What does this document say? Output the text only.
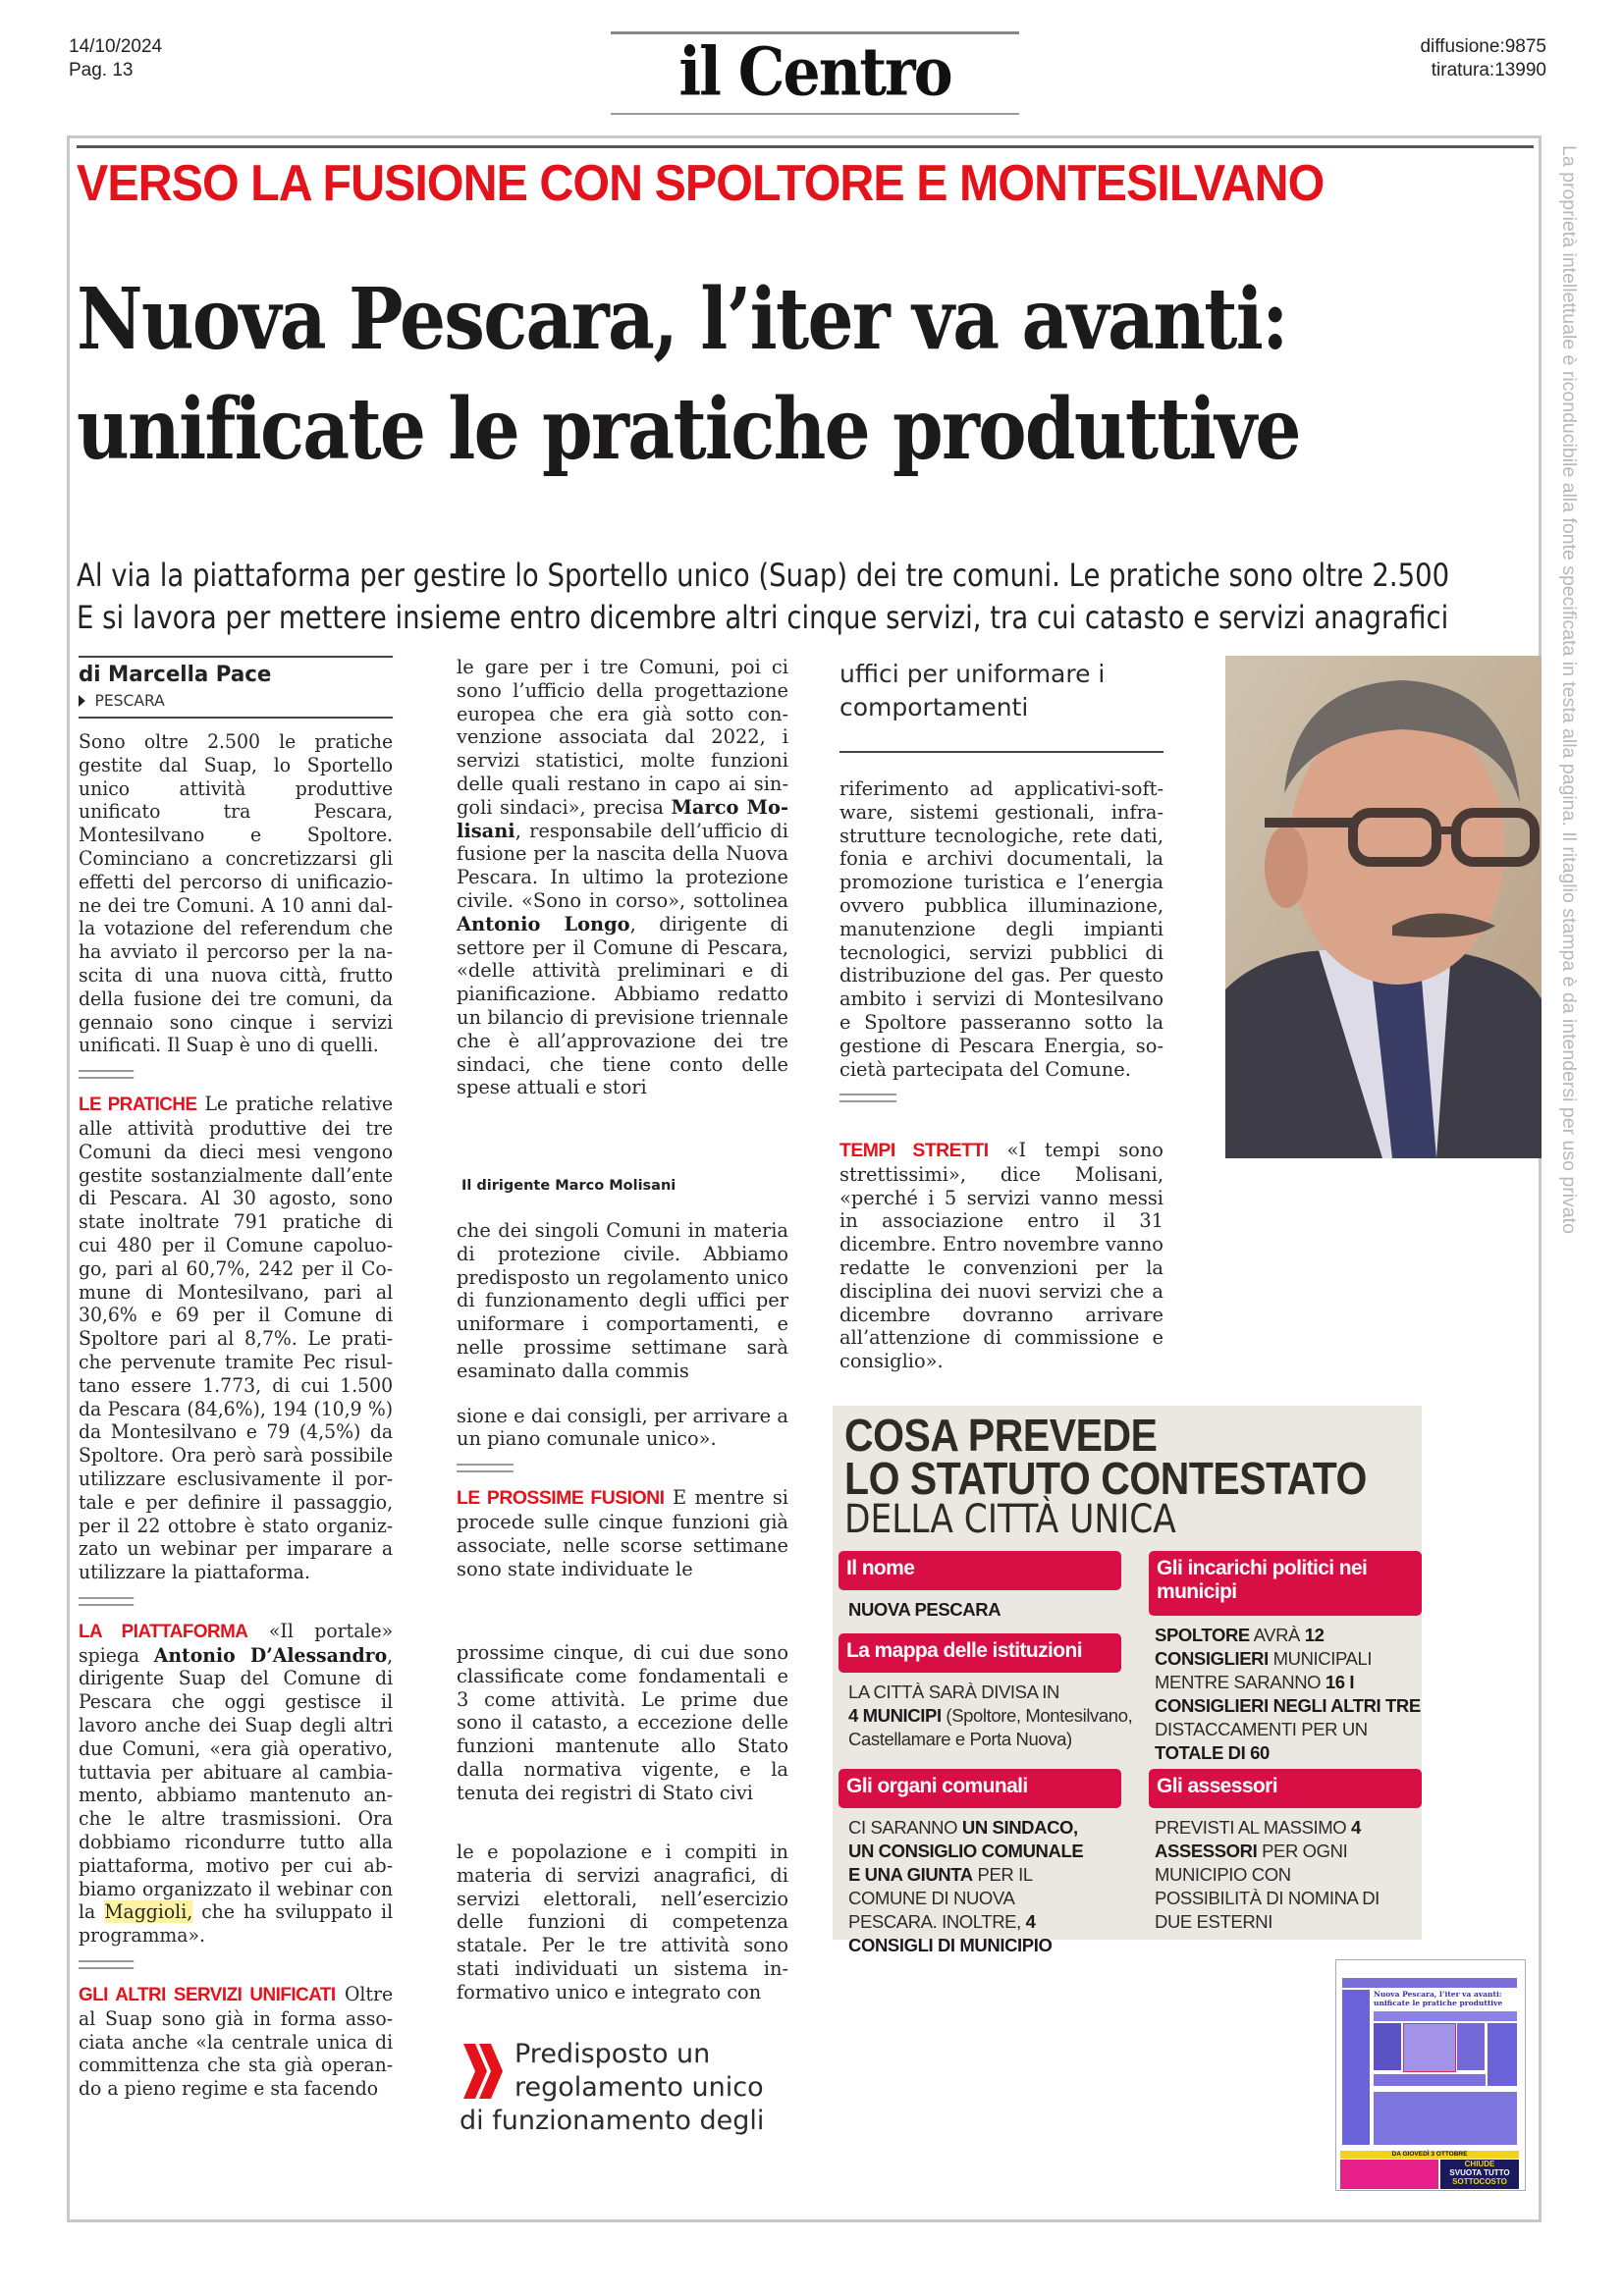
14/10/2024
Pag. 13	il Centro	diffusione:9875
tiratura:13990
La proprietà intellettuale è riconducibile alla fonte specificata in testa alla pagina. Il ritaglio stampa è da intendersi per uso privato
VERSO LA FUSIONE CON SPOLTORE E MONTESILVANO
Nuova Pescara, l’iter va avanti:
unificate le pratiche produttive
Al via la piattaforma per gestire lo Sportello unico (Suap) dei tre comuni. Le pratiche sono oltre 2.500
E si lavora per mettere insieme entro dicembre altri cinque servizi, tra cui catasto e servizi anagrafici
di Marcella Pace
PESCARA

Sono oltre 2.500 le pratiche gestite dal Suap, lo Sportello unico attività produttive unificato tra Pescara, Montesilvano e Spoltore. Cominciano a concretizzarsi gli effetti del percorso di unificazione dei tre Comuni. A 10 anni dalla votazione del referendum che ha avviato il percorso per la nascita di una nuova città, frutto della fusione dei tre comuni, da gennaio sono cinque i servizi unificati. Il Suap è uno di quelli.

LE PRATICHE Le pratiche relative alle attività produttive dei tre Comuni da dieci mesi vengono gestite sostanzialmente dall’ente di Pescara. Al 30 agosto, sono state inoltrate 791 pratiche di cui 480 per il Comune capoluogo, pari al 60,7%, 242 per il Comune di Montesilvano, pari al 30,6% e 69 per il Comune di Spoltore pari al 8,7%. Le pratiche pervenute tramite Pec risultano essere 1.773, di cui 1.500 da Pescara (84,6%), 194 (10,9 %) da Montesilvano e 79 (4,5%) da Spoltore. Ora però sarà possibile utilizzare esclusivamente il portale e per definire il passaggio, per il 22 ottobre è stato organizzato un webinar per imparare a utilizzare la piattaforma.

LA PIATTAFORMA «Il portale» spiega Antonio D’Alessandro, dirigente Suap del Comune di Pescara che oggi gestisce il lavoro anche dei Suap degli altri due Comuni, «era già operativo, tuttavia per abituare al cambiamento, abbiamo mantenuto anche le altre trasmissioni. Ora dobbiamo ricondurre tutto alla piattaforma, motivo per cui abbiamo organizzato il webinar con la Maggioli, che ha sviluppato il programma».

GLI ALTRI SERVIZI UNIFICATI Oltre al Suap sono già in forma associata anche «la centrale unica di committenza che sta già operando a pieno regime e sta facendo

le gare per i tre Comuni, poi ci sono l’ufficio della progettazione europea che era già sotto convenzione associata dal 2022, i servizi statistici, molte funzioni delle quali restano in capo ai singoli sindaci», precisa Marco Molisani, responsabile dell’ufficio di fusione per la nascita della Nuova Pescara. In ultimo la protezione civile. «Sono in corso», sottolinea Antonio Longo, dirigente di settore per il Comune di Pescara, «delle attività preliminari e di pianificazione. Abbiamo redatto un bilancio di previsione triennale che è all’approvazione dei tre sindaci, che tiene conto delle spese attuali e stori

Il dirigente Marco Molisani

che dei singoli Comuni in materia di protezione civile. Abbiamo predisposto un regolamento unico di funzionamento degli uffici per uniformare i comportamenti, e nelle prossime settimane sarà esaminato dalla commis

sione e dai consigli, per arrivare a un piano comunale unico».

LE PROSSIME FUSIONI E mentre si procede sulle cinque funzioni già associate, nelle scorse settimane sono state individuate le

prossime cinque, di cui due sono classificate come fondamentali e 3 come attività. Le prime due sono il catasto, a eccezione delle funzioni mantenute allo Stato dalla normativa vigente, e la tenuta dei registri di Stato civi

le e popolazione e i compiti in materia di servizi anagrafici, di servizi elettorali, nell’esercizio delle funzioni di competenza statale. Per le tre attività sono stati individuati un sistema informativo unico e integrato con

Predisposto un
regolamento unico
di funzionamento degli
uffici per uniformare i comportamenti

riferimento ad applicativi-software, sistemi gestionali, infrastrutture tecnologiche, rete dati, fonia e archivi documentali, la promozione turistica e l’energia ovvero pubblica illuminazione, manutenzione degli impianti tecnologici, servizi pubblici di distribuzione del gas. Per questo ambito i servizi di Montesilvano e Spoltore passeranno sotto la gestione di Pescara Energia, società partecipata del Comune.

TEMPI STRETTI «I tempi sono strettissimi», dice Molisani, «perché i 5 servizi vanno messi in associazione entro il 31 dicembre. Entro novembre vanno redatte le convenzioni per la disciplina dei nuovi servizi che a dicembre dovranno arrivare all’attenzione di commissione e consiglio».

COSA PREVEDE
LO STATUTO CONTESTATO
DELLA CITTÀ UNICA
Il nome
NUOVA PESCARA
La mappa delle istituzioni
LA CITTÀ SARÀ DIVISA IN
4 MUNICIPI (Spoltore, Montesilvano, Castellamare e Porta Nuova)
Gli organi comunali
CI SARANNO UN SINDACO, UN CONSIGLIO COMUNALE E UNA GIUNTA PER IL COMUNE DI NUOVA PESCARA. INOLTRE, 4 CONSIGLI DI MUNICIPIO
Gli incarichi politici nei municipi
SPOLTORE AVRÀ 12 CONSIGLIERI MUNICIPALI MENTRE SARANNO 16 I CONSIGLIERI NEGLI ALTRI TRE DISTACCAMENTI PER UN TOTALE DI 60
Gli assessori
PREVISTI AL MASSIMO 4 ASSESSORI PER OGNI MUNICIPIO CON POSSIBILITÀ DI NOMINA DI DUE ESTERNI
Nuova Pescara, l’iter va avanti: unificate le pratiche produttive
DA GIOVEDÌ 3 OTTOBRE
CHIUDE
SVUOTA TUTTO
SOTTOCOSTO
